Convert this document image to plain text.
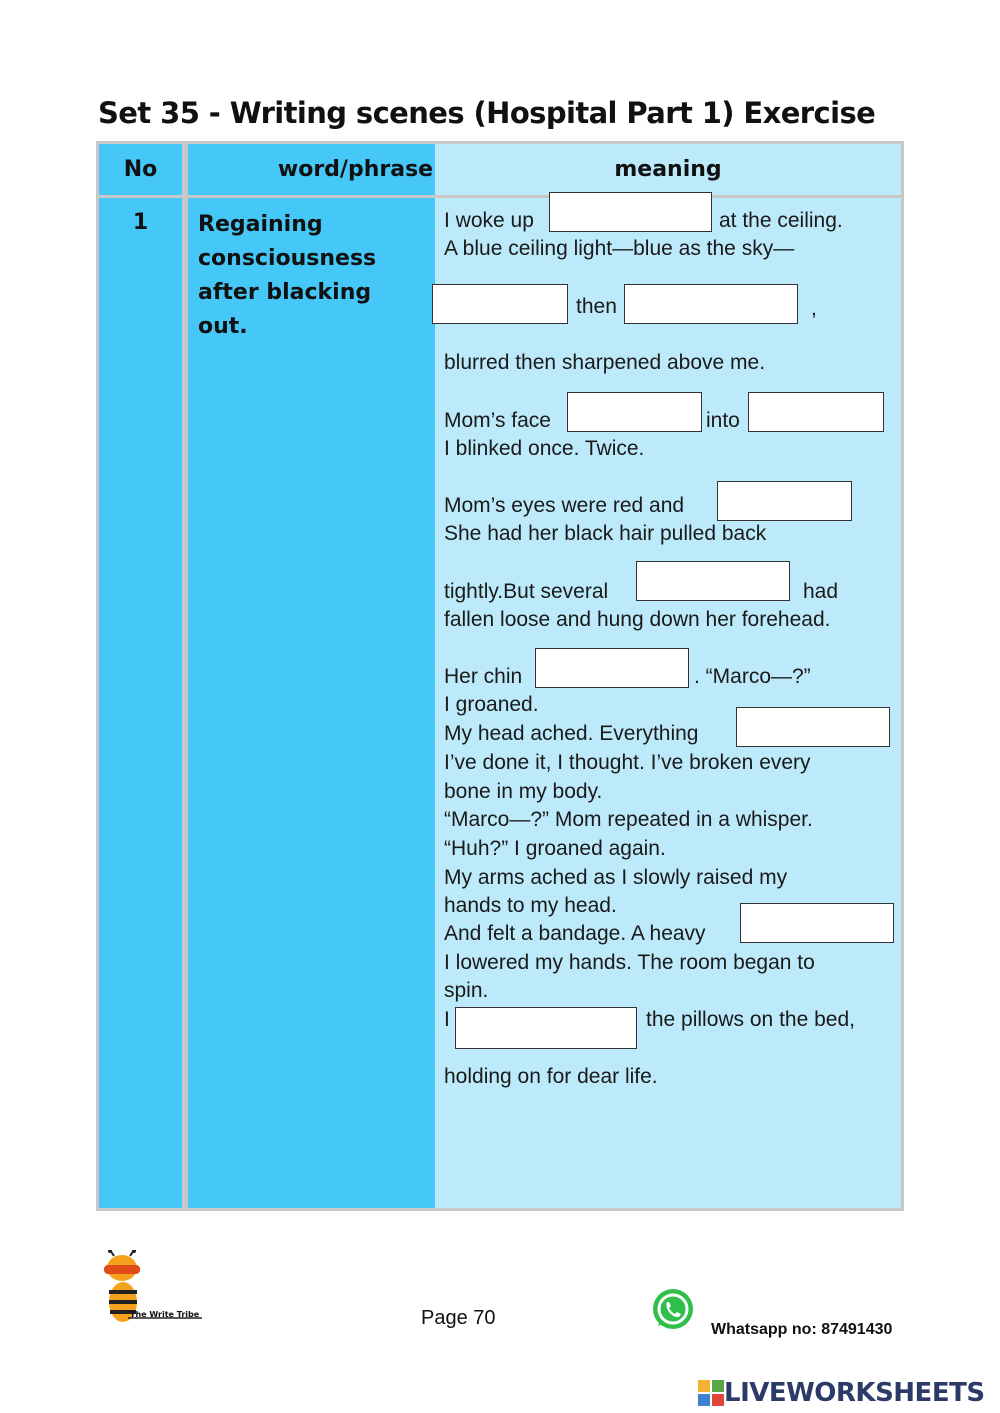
Set 35 - Writing scenes (Hospital Part 1) Exercise
No	word/phrase	meaning
1	Regaining consciousness after blacking out.
I woke up	at the ceiling.
A blue ceiling light—blue as the sky—
then	,
blurred then sharpened above me.
Mom’s face	into
I blinked once. Twice.
Mom’s eyes were red and
She had her black hair pulled back
tightly.But several	had
fallen loose and hung down her forehead.
Her chin	. “Marco—?”
I groaned.
My head ached. Everything
I’ve done it, I thought. I’ve broken every
bone in my body.
“Marco—?” Mom repeated in a whisper.
“Huh?” I groaned again.
My arms ached as I slowly raised my
hands to my head.
And felt a bandage. A heavy
I lowered my hands. The room began to
spin.
I	the pillows on the bed,
holding on for dear life.
The Write Tribe	Page 70
Whatsapp no: 87491430
LIVEWORKSHEETS
